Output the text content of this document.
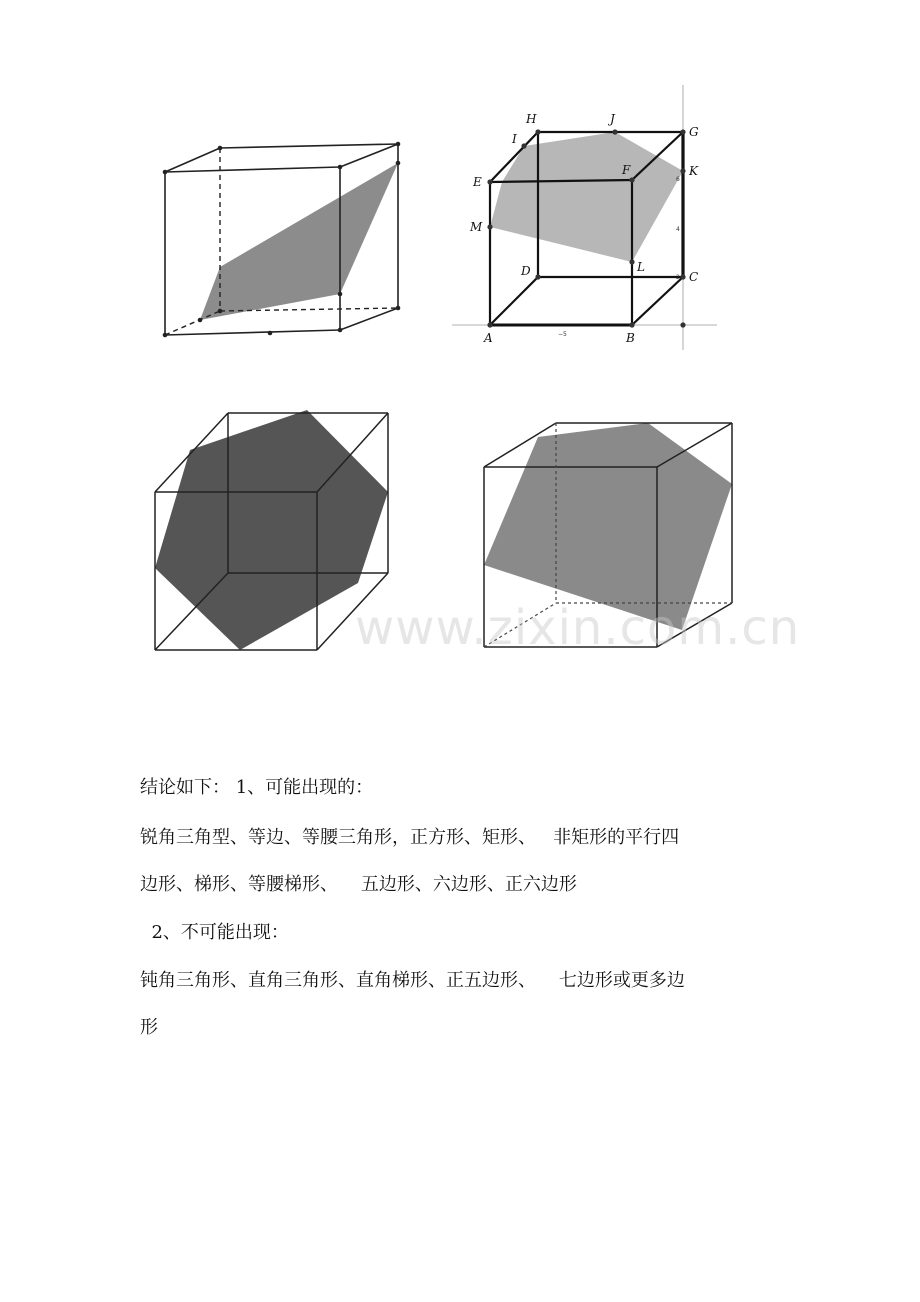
−5
6
4
2
H	J
G
I
E
F	K
M
D	L
C
A	B
www.zixin.com.cn
结论如下： 1、可能出现的：
锐角三角型、等边、等腰三角形，正方形、矩形、   非矩形的平行四
边形、梯形、等腰梯形、    五边形、六边形、正六边形
2、不可能出现：
钝角三角形、直角三角形、直角梯形、正五边形、    七边形或更多边
形
